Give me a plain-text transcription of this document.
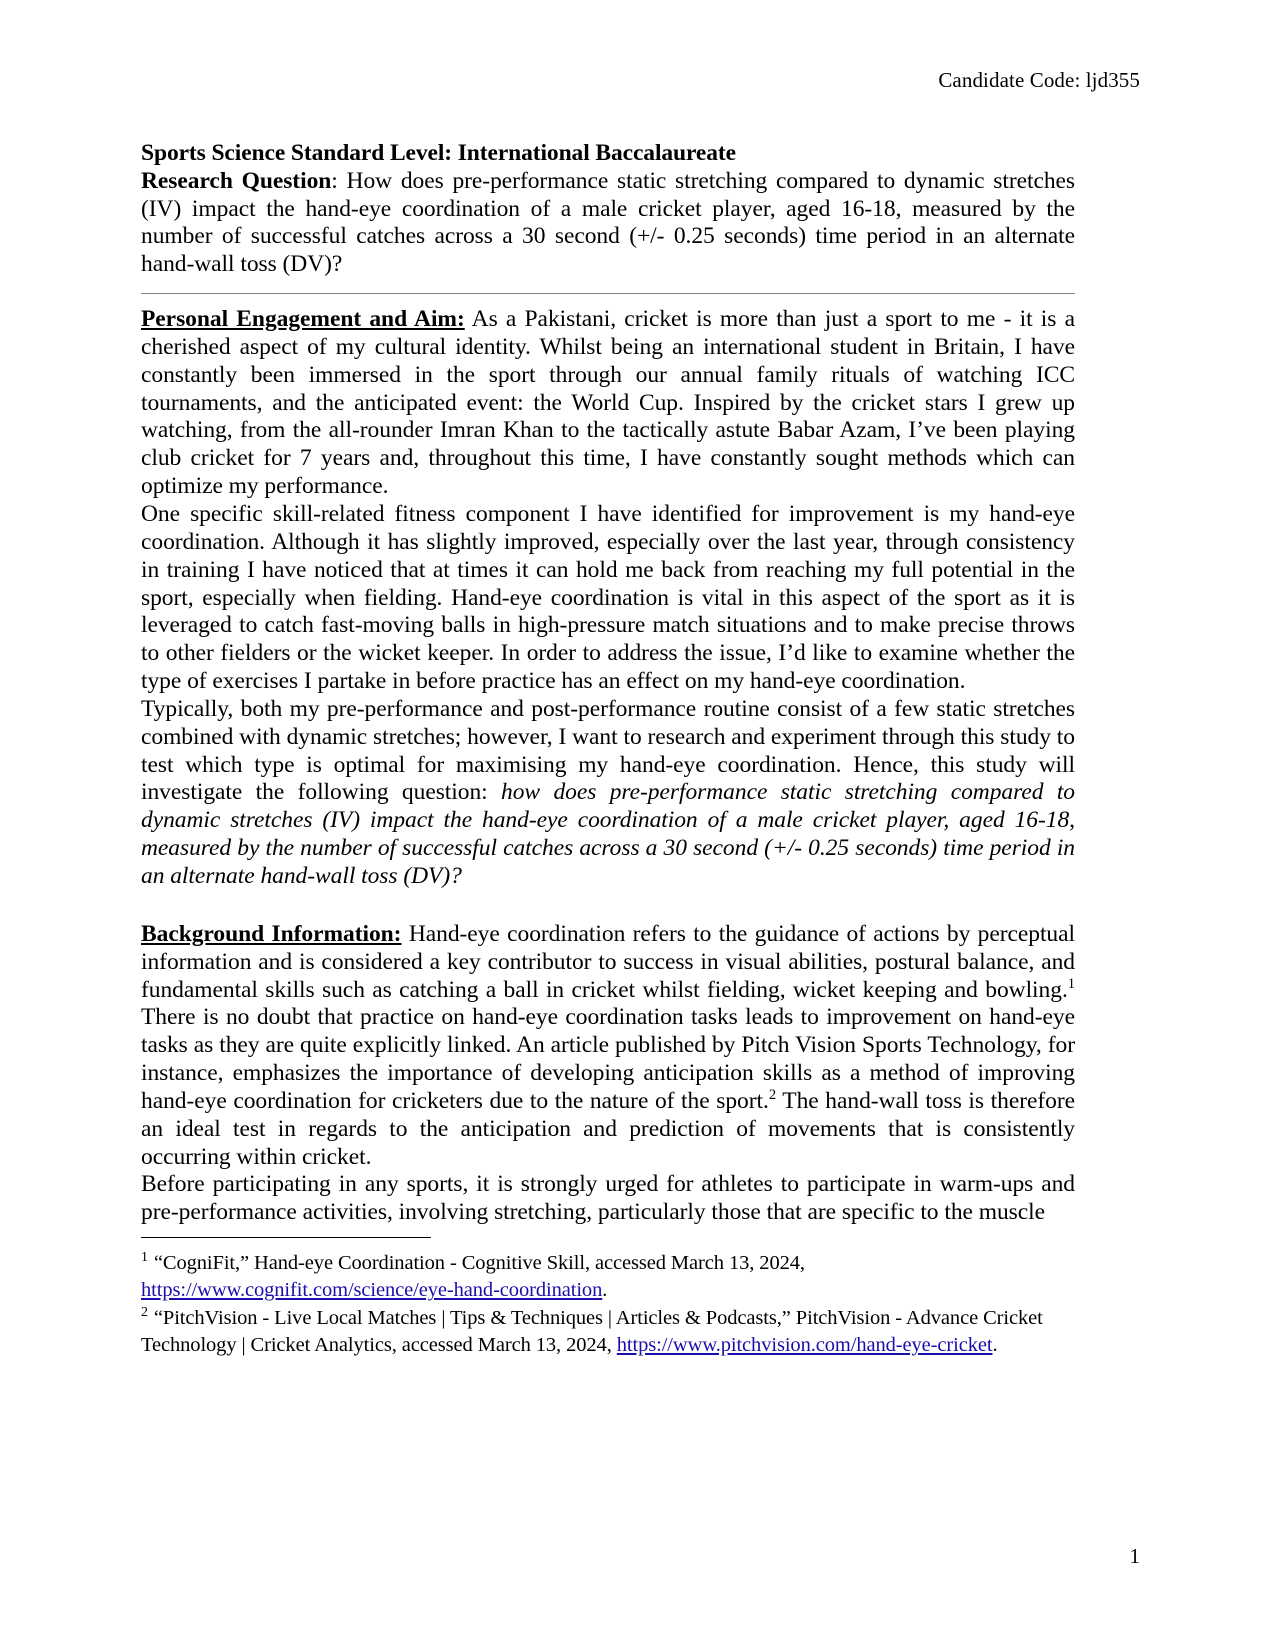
Candidate Code: ljd355
Sports Science Standard Level: International Baccalaureate

Research Question: How does pre-performance static stretching compared to dynamic stretches (IV) impact the hand-eye coordination of a male cricket player, aged 16-18, measured by the number of successful catches across a 30 second (+/- 0.25 seconds) time period in an alternate hand-wall toss (DV)?

Personal Engagement and Aim: As a Pakistani, cricket is more than just a sport to me - it is a cherished aspect of my cultural identity. Whilst being an international student in Britain, I have constantly been immersed in the sport through our annual family rituals of watching ICC tournaments, and the anticipated event: the World Cup. Inspired by the cricket stars I grew up watching, from the all-rounder Imran Khan to the tactically astute Babar Azam, I’ve been playing club cricket for 7 years and, throughout this time, I have constantly sought methods which can optimize my performance.

One specific skill-related fitness component I have identified for improvement is my hand-eye coordination. Although it has slightly improved, especially over the last year, through consistency in training I have noticed that at times it can hold me back from reaching my full potential in the sport, especially when fielding. Hand-eye coordination is vital in this aspect of the sport as it is leveraged to catch fast-moving balls in high-pressure match situations and to make precise throws to other fielders or the wicket keeper. In order to address the issue, I’d like to examine whether the type of exercises I partake in before practice has an effect on my hand-eye coordination.

Typically, both my pre-performance and post-performance routine consist of a few static stretches combined with dynamic stretches; however, I want to research and experiment through this study to test which type is optimal for maximising my hand-eye coordination. Hence, this study will investigate the following question: how does pre-performance static stretching compared to dynamic stretches (IV) impact the hand-eye coordination of a male cricket player, aged 16-18, measured by the number of successful catches across a 30 second (+/- 0.25 seconds) time period in an alternate hand-wall toss (DV)?

Background Information: Hand-eye coordination refers to the guidance of actions by perceptual information and is considered a key contributor to success in visual abilities, postural balance, and fundamental skills such as catching a ball in cricket whilst fielding, wicket keeping and bowling.$^1$ There is no doubt that practice on hand-eye coordination tasks leads to improvement on hand-eye tasks as they are quite explicitly linked. An article published by Pitch Vision Sports Technology, for instance, emphasizes the importance of developing anticipation skills as a method of improving hand-eye coordination for cricketers due to the nature of the sport.$^2$ The hand-wall toss is therefore an ideal test in regards to the anticipation and prediction of movements that is consistently occurring within cricket.

Before participating in any sports, it is strongly urged for athletes to participate in warm-ups and pre-performance activities, involving stretching, particularly those that are specific to the muscle

$^1$ “CogniFit,” Hand-eye Coordination - Cognitive Skill, accessed March 13, 2024, https://www.cognifit.com/science/eye-hand-coordination.

$^2$ “PitchVision - Live Local Matches | Tips & Techniques | Articles & Podcasts,” PitchVision - Advance Cricket Technology | Cricket Analytics, accessed March 13, 2024, https://www.pitchvision.com/hand-eye-cricket.

1
